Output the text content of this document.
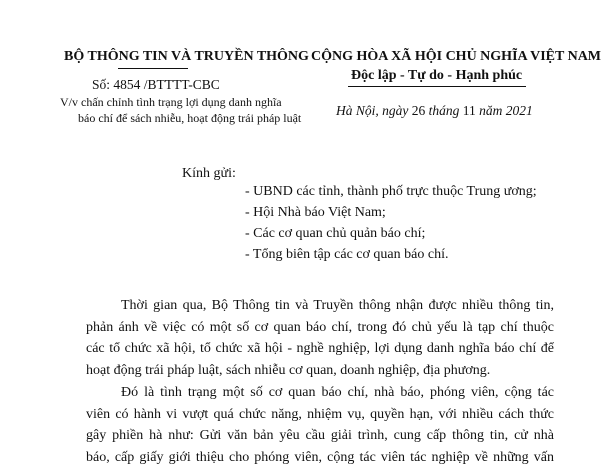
BỘ THÔNG TIN VÀ TRUYỀN THÔNG
Số: 4854 /BTTTT-CBC
V/v chấn chỉnh tình trạng lợi dụng danh nghĩa
báo chí để sách nhiễu, hoạt động trái pháp luật
CỘNG HÒA XÃ HỘI CHỦ NGHĨA VIỆT NAM
Độc lập - Tự do - Hạnh phúc
Hà Nội, ngày 26 tháng 11 năm 2021
Kính gửi:
- UBND các tỉnh, thành phố trực thuộc Trung ương;
- Hội Nhà báo Việt Nam;
- Các cơ quan chủ quản báo chí;
- Tổng biên tập các cơ quan báo chí.
Thời gian qua, Bộ Thông tin và Truyền thông nhận được nhiều thông tin,
phản ánh về việc có một số cơ quan báo chí, trong đó chủ yếu là tạp chí thuộc
các tổ chức xã hội, tổ chức xã hội - nghề nghiệp, lợi dụng danh nghĩa báo chí để
hoạt động trái pháp luật, sách nhiễu cơ quan, doanh nghiệp, địa phương.
Đó là tình trạng một số cơ quan báo chí, nhà báo, phóng viên, cộng tác
viên có hành vi vượt quá chức năng, nhiệm vụ, quyền hạn, với nhiều cách thức
gây phiền hà như: Gửi văn bản yêu cầu giải trình, cung cấp thông tin, cử nhà
báo, cấp giấy giới thiệu cho phóng viên, cộng tác viên tác nghiệp về những vấn
